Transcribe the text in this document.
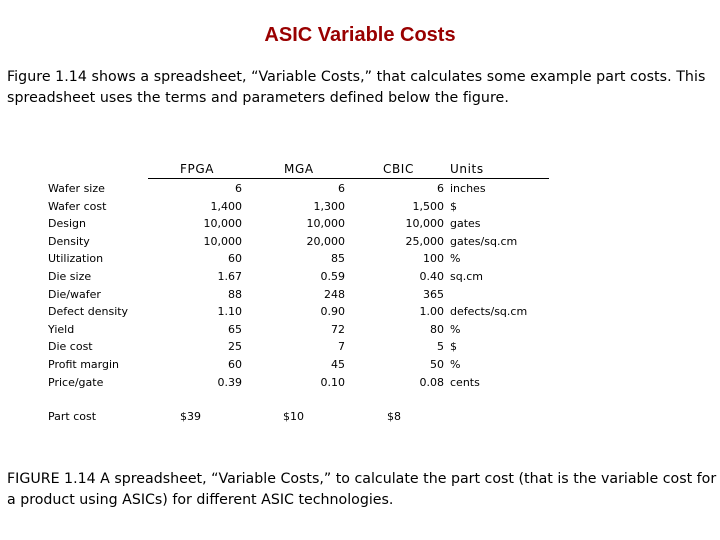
ASIC Variable Costs
Figure 1.14 shows a spreadsheet, “Variable Costs,” that calculates some example part costs. This spreadsheet uses the terms and parameters defined below the figure.
FPGA	MGA	CBIC	Units
Wafer size	6	6	6 inches
Wafer cost	1,400	1,300	1,500 $
Design	10,000	10,000	10,000 gates
Density	10,000	20,000	25,000 gates/sq.cm
Utilization	60	85	100 %
Die size	1.67	0.59	0.40 sq.cm
Die/wafer	88	248	365
Defect density	1.10	0.90	1.00 defects/sq.cm
Yield	65	72	80 %
Die cost	25	7	5 $
Profit margin	60	45	50 %
Price/gate	0.39	0.10	0.08 cents
Part cost	$39	$10	$8
FIGURE 1.14 A spreadsheet, “Variable Costs,” to calculate the part cost (that is the variable cost for
a product using ASICs) for different ASIC technologies.
